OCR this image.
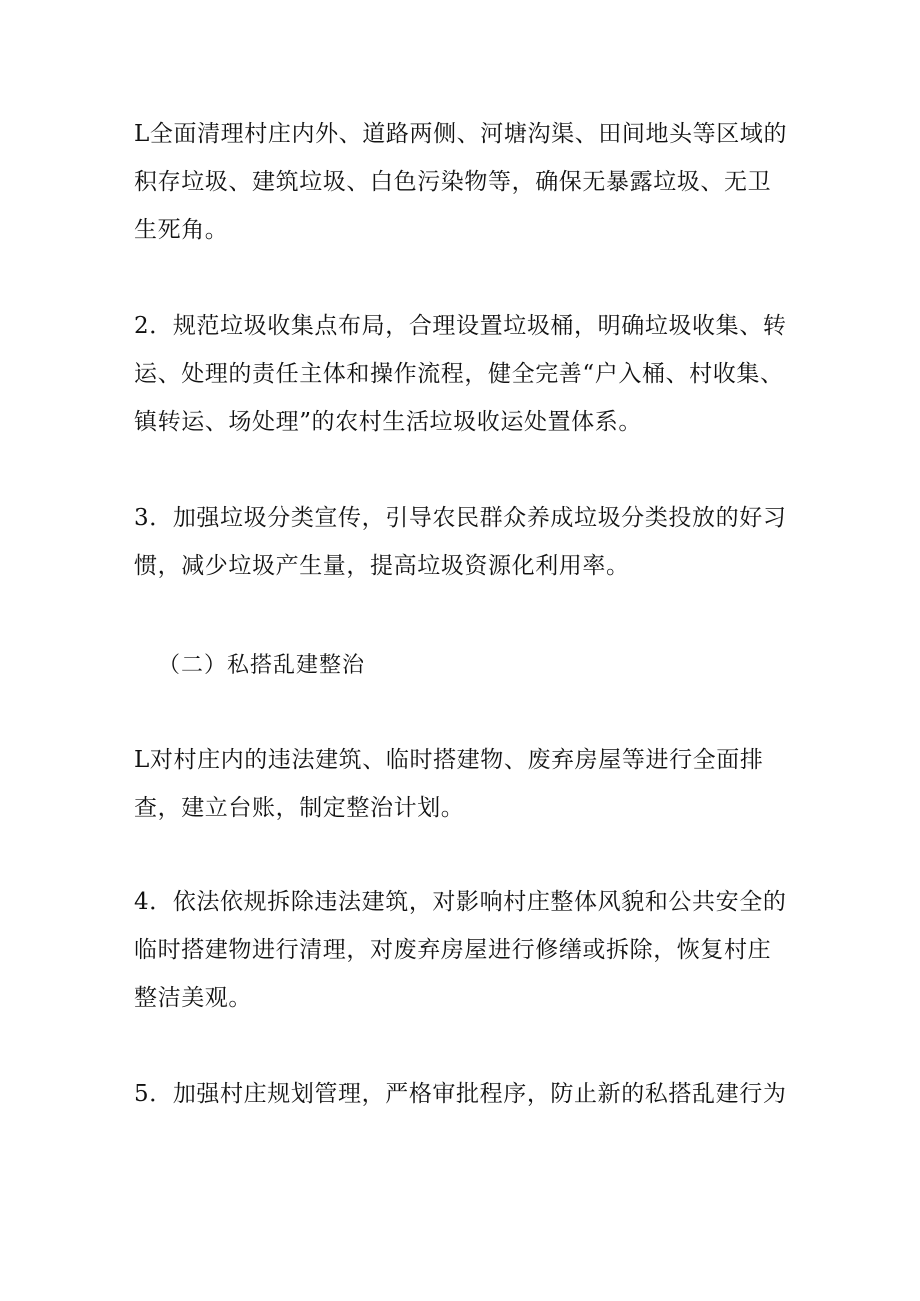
L全面清理村庄内外、道路两侧、河塘沟渠、田间地头等区域的积存垃圾、建筑垃圾、白色污染物等，确保无暴露垃圾、无卫生死角。

2．规范垃圾收集点布局，合理设置垃圾桶，明确垃圾收集、转运、处理的责任主体和操作流程，健全完善“户入桶、村收集、镇转运、场处理”的农村生活垃圾收运处置体系。

3．加强垃圾分类宣传，引导农民群众养成垃圾分类投放的好习惯，减少垃圾产生量，提高垃圾资源化利用率。

（二）私搭乱建整治

L对村庄内的违法建筑、临时搭建物、废弃房屋等进行全面排查，建立台账，制定整治计划。

4．依法依规拆除违法建筑，对影响村庄整体风貌和公共安全的临时搭建物进行清理，对废弃房屋进行修缮或拆除，恢复村庄整洁美观。

5．加强村庄规划管理，严格审批程序，防止新的私搭乱建行为
